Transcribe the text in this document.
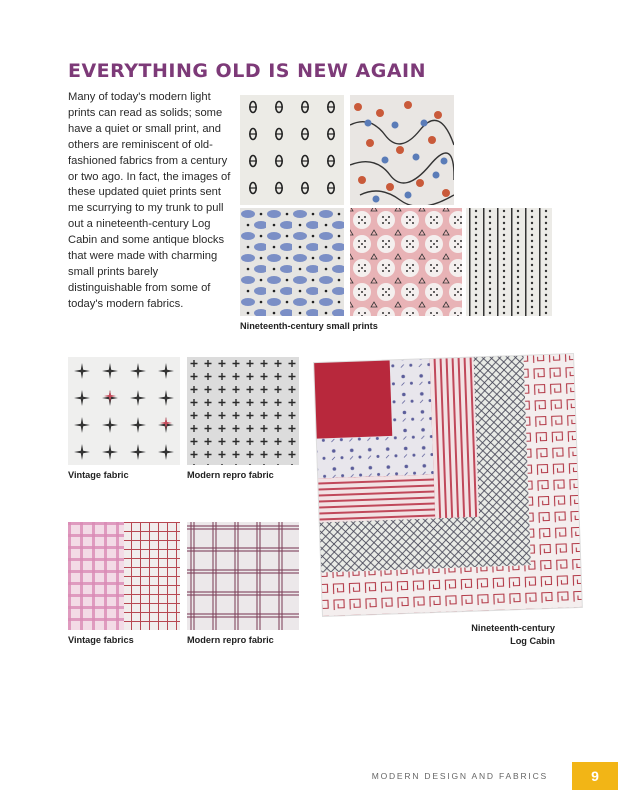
EVERYTHING OLD IS NEW AGAIN
Many of today's modern light prints can read as solids; some have a quiet or small print, and others are reminiscent of old-fashioned fabrics from a century or two ago. In fact, the images of these updated quiet prints sent me scurrying to my trunk to pull out a nineteenth-century Log Cabin and some antique blocks that were made with charming small prints barely distinguishable from some of today's modern fabrics.
Nineteenth-century small prints
Vintage fabric	Modern repro fabric
Vintage fabrics	Modern repro fabric
Nineteenth-century
Log Cabin
MODERN DESIGN AND FABRICS	9
